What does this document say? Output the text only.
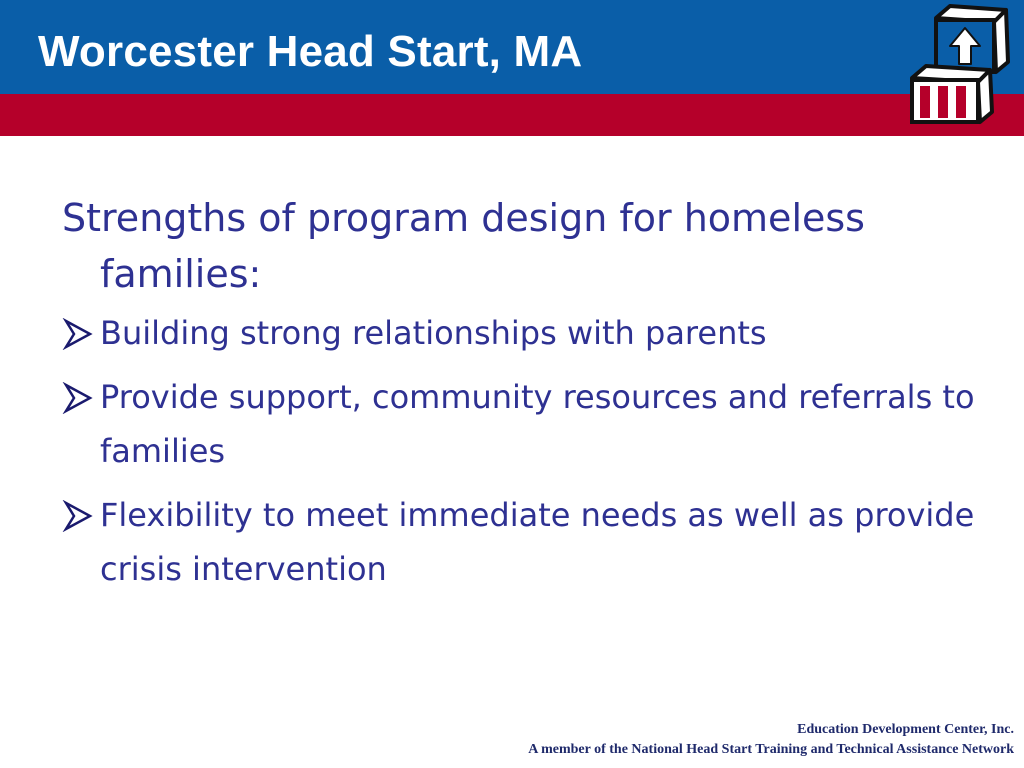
Worcester Head Start, MA

Strengths of program design for homeless families:

Building strong relationships with parents
Provide support, community resources and referrals to families
Flexibility to meet immediate needs as well as provide crisis intervention
Education Development Center, Inc.
A member of the National Head Start Training and Technical Assistance Network
